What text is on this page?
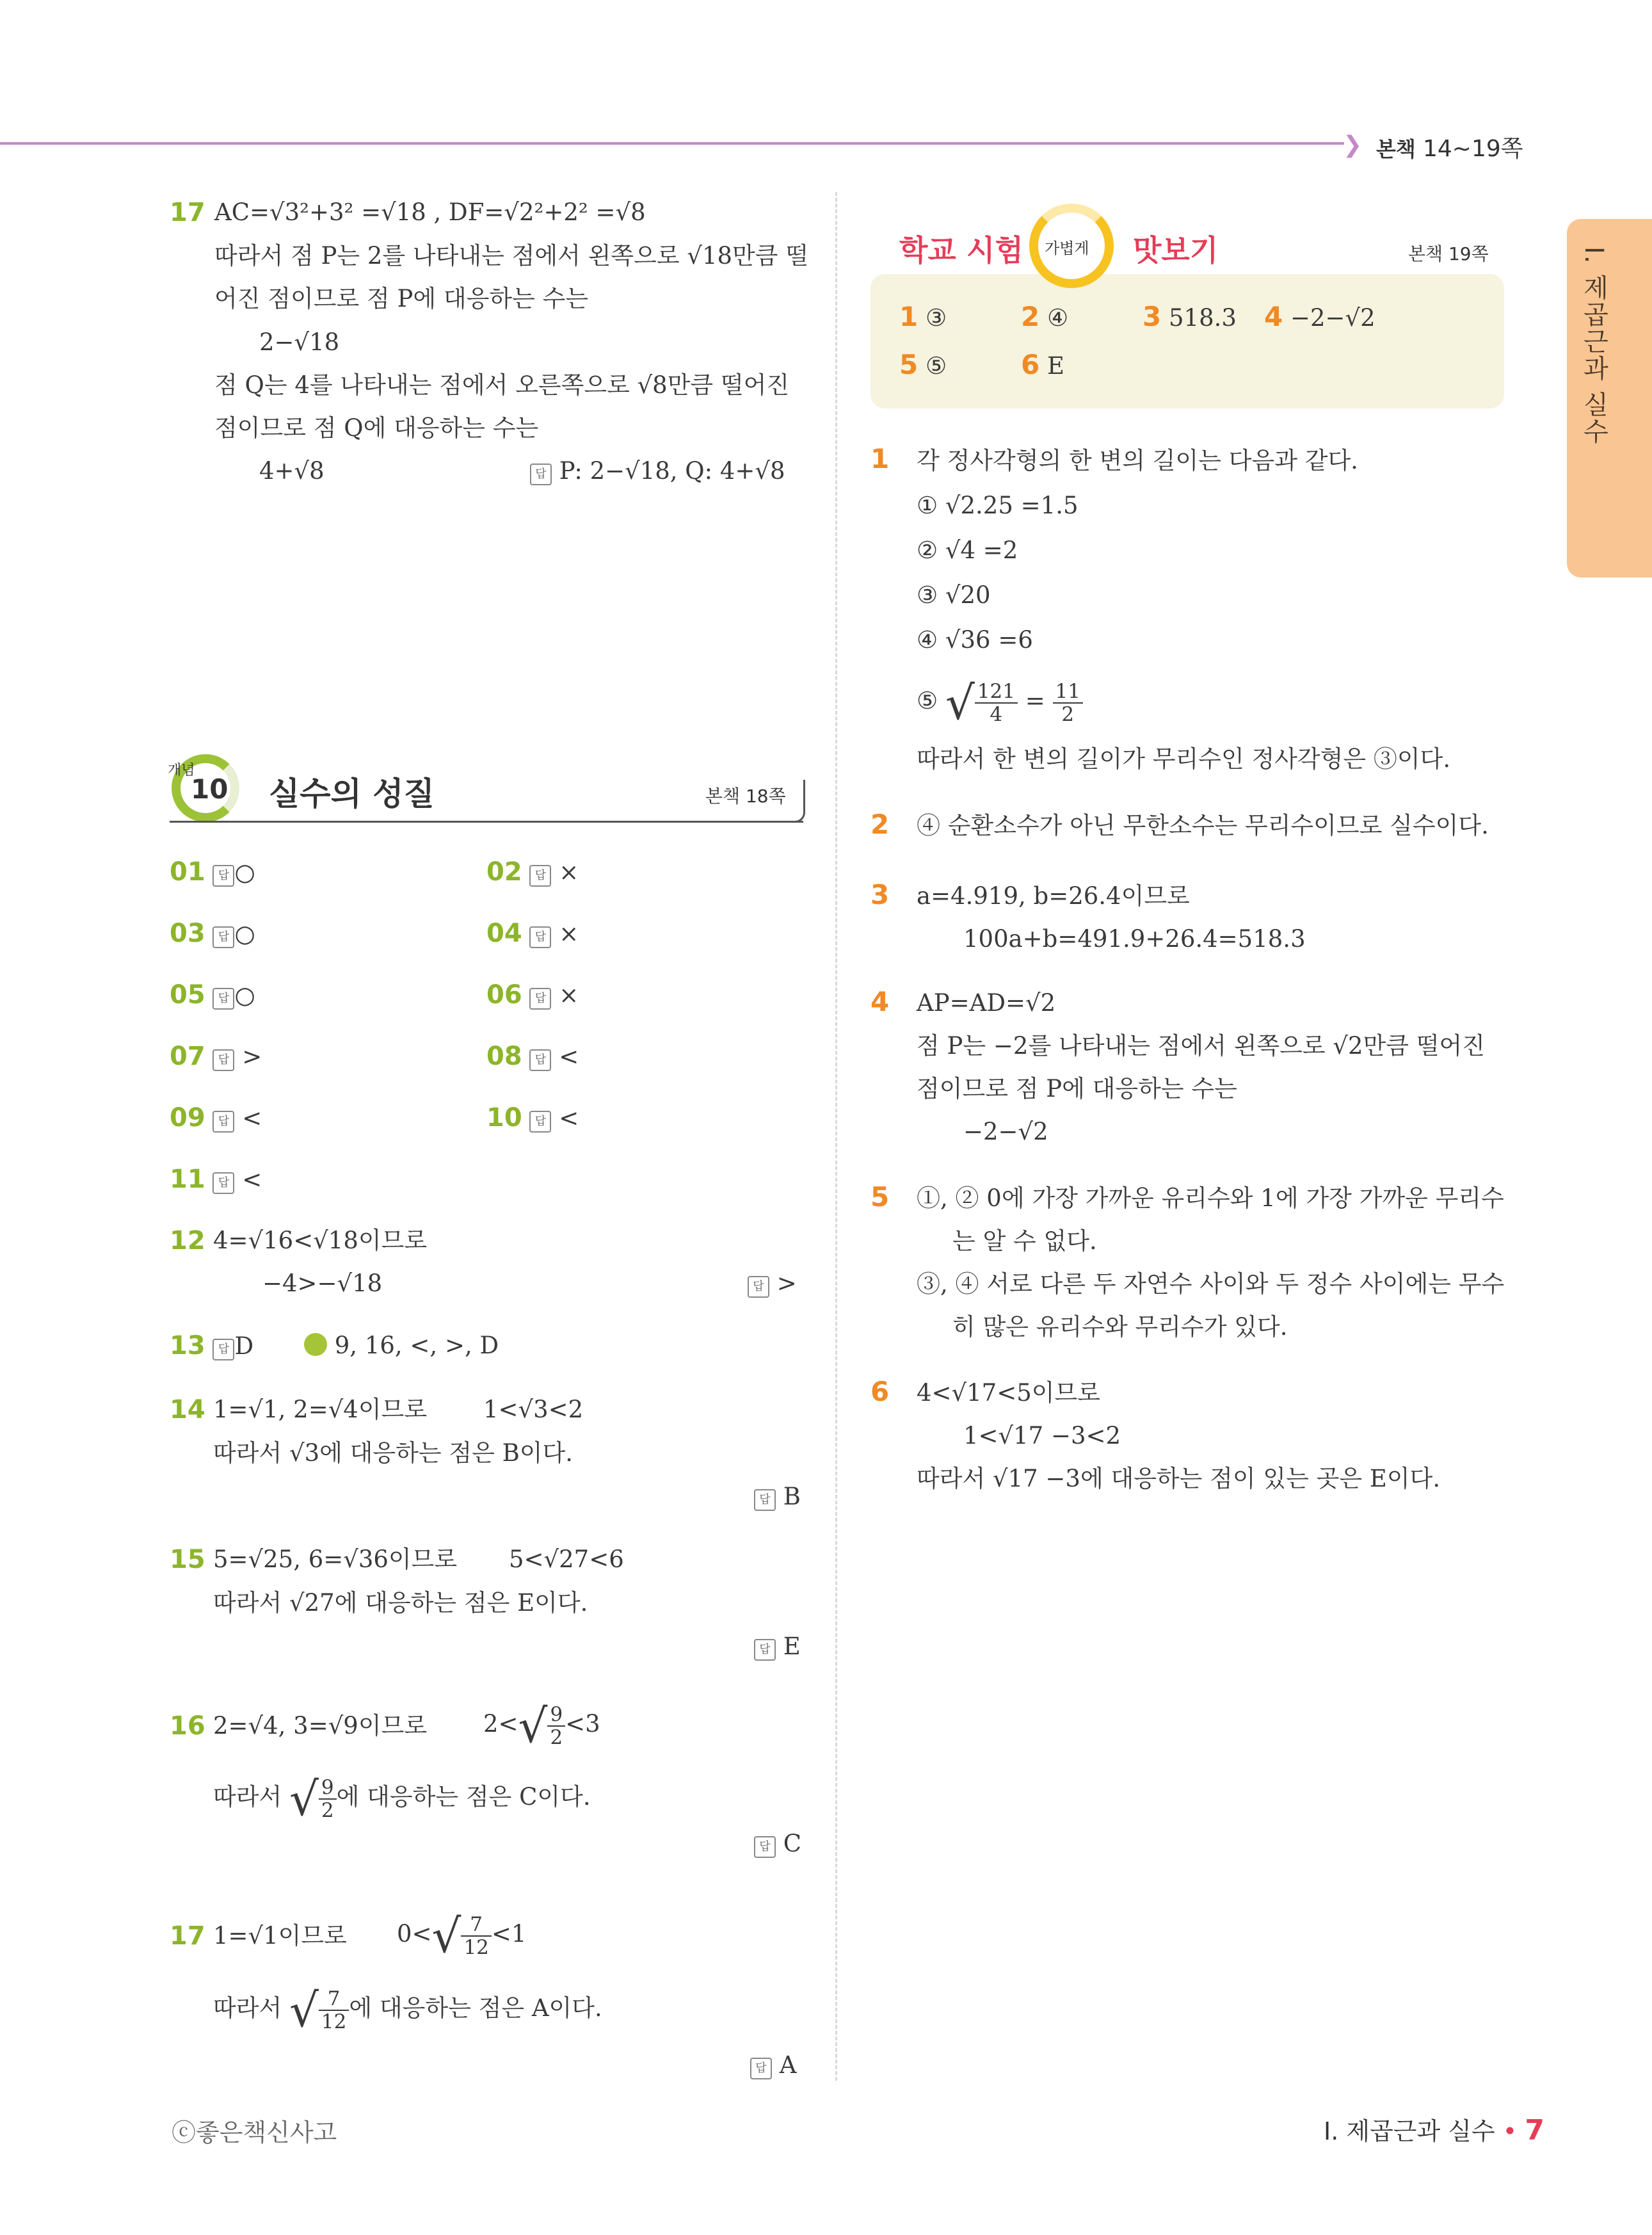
❯ 본책 14~19쪽
I. 제곱근과 실수
17 AC=√3²+3² =√18 , DF=√2²+2² =√8
따라서 점 P는 2를 나타내는 점에서 왼쪽으로 √18만큼 떨
어진 점이므로 점 P에 대응하는 수는
2−√18
점 Q는 4를 나타내는 점에서 오른쪽으로 √8만큼 떨어진
점이므로 점 Q에 대응하는 수는
4+√8	답 P: 2−√18, Q: 4+√8
개념
10 실수의 성질	본책 18쪽
01 답 ○	02 답 ×
03 답 ○	04 답 ×
05 답 ○	06 답 ×
07 답 >	08 답 <
09 답 <	10 답 <
11 답 <
12 4=√16<√18이므로
−4>−√18	답 >
13 답 D	9, 16, <, >, D
14 1=√1, 2=√4이므로 1<√3<2
따라서 √3에 대응하는 점은 B이다.
답 B
15 5=√25, 6=√36이므로 5<√27<6
따라서 √27에 대응하는 점은 E이다.
답 E
16 2=√4, 3=√9이므로 $2<√ \frac{9}{2} <3$
따라서 √ $\frac{9}{2}$ 에 대응하는 점은 C이다.
답 C
17 1=√1이므로 $0<√ \frac{7}{12} <1$
따라서 √ $\frac{7}{12}$ 에 대응하는 점은 A이다.
답 A
학교 시험 가볍게 맛보기	본책 19쪽
1 ③	2 ④	3 518.3 4 −2−√2
5 ⑤	6 E
1 각 정사각형의 한 변의 길이는 다음과 같다.
① √2.25 =1.5
② √4 =2
③ √20
④ √36 =6
⑤ √ $\frac{121}{4} = \frac{11}{2}$
따라서 한 변의 길이가 무리수인 정사각형은 ③이다.
2 ④ 순환소수가 아닌 무한소수는 무리수이므로 실수이다.
3 a=4.919, b=26.4이므로
100a+b=491.9+26.4=518.3
4 AP=AD=√2
점 P는 −2를 나타내는 점에서 왼쪽으로 √2만큼 떨어진
점이므로 점 P에 대응하는 수는
−2−√2
5 ①, ② 0에 가장 가까운 유리수와 1에 가장 가까운 무리수
는 알 수 없다.
③, ④ 서로 다른 두 자연수 사이와 두 정수 사이에는 무수
히 많은 유리수와 무리수가 있다.
6 4<√17<5이므로
1<√17 −3<2
따라서 √17 −3에 대응하는 점이 있는 곳은 E이다.
ⓒ좋은책신사고	I. 제곱근과 실수 • 7
